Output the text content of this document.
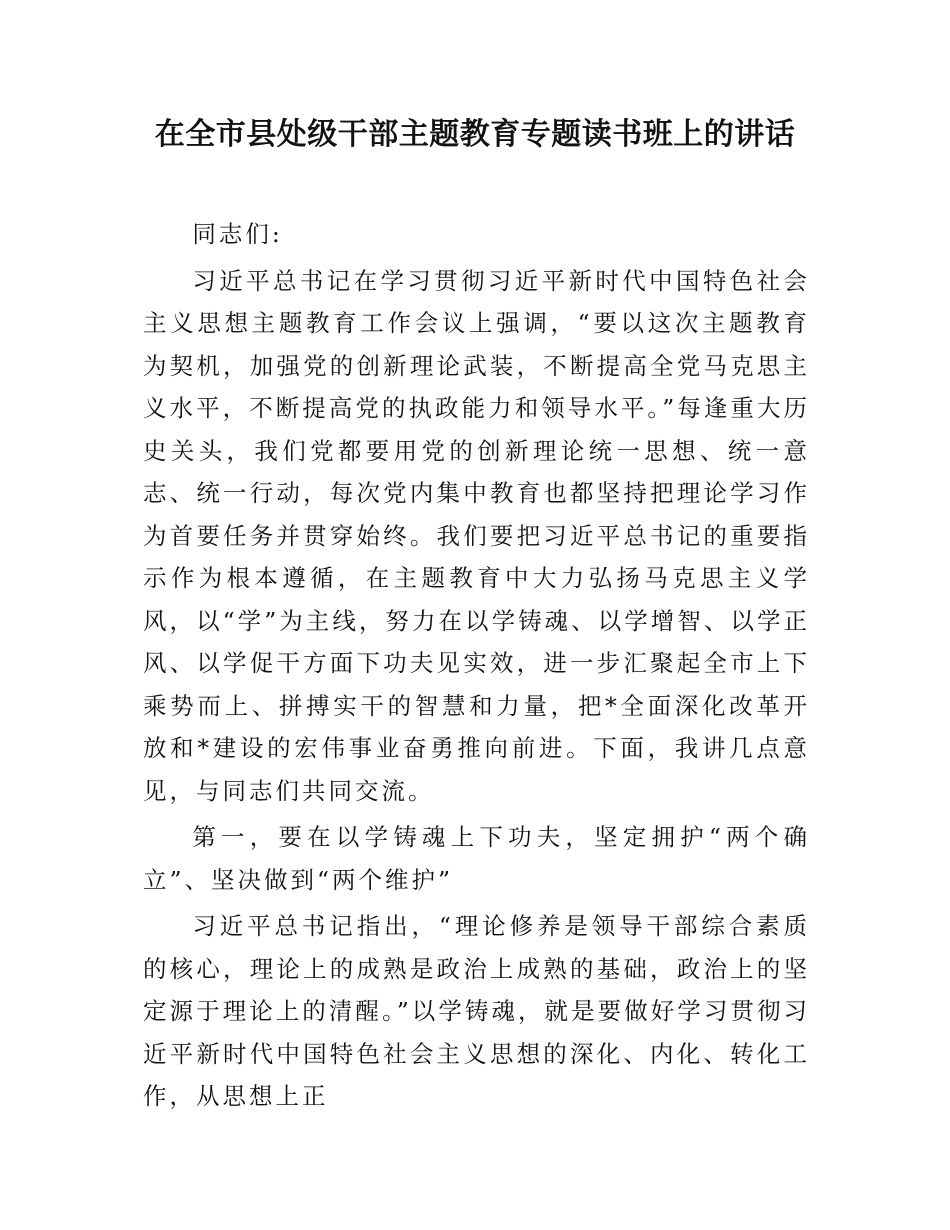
在全市县处级干部主题教育专题读书班上的讲话

同志们:

习近平总书记在学习贯彻习近平新时代中国特色社会主义思想主题教育工作会议上强调，“要以这次主题教育为契机，加强党的创新理论武装，不断提高全党马克思主义水平，不断提高党的执政能力和领导水平。”每逢重大历史关头，我们党都要用党的创新理论统一思想、统一意志、统一行动，每次党内集中教育也都坚持把理论学习作为首要任务并贯穿始终。我们要把习近平总书记的重要指示作为根本遵循，在主题教育中大力弘扬马克思主义学风，以“学”为主线，努力在以学铸魂、以学增智、以学正风、以学促干方面下功夫见实效，进一步汇聚起全市上下乘势而上、拼搏实干的智慧和力量，把*全面深化改革开放和*建设的宏伟事业奋勇推向前进。下面，我讲几点意见，与同志们共同交流。

第一，要在以学铸魂上下功夫，坚定拥护“两个确立”、坚决做到“两个维护”

习近平总书记指出，“理论修养是领导干部综合素质的核心，理论上的成熟是政治上成熟的基础，政治上的坚定源于理论上的清醒。”以学铸魂，就是要做好学习贯彻习近平新时代中国特色社会主义思想的深化、内化、转化工作，从思想上正
